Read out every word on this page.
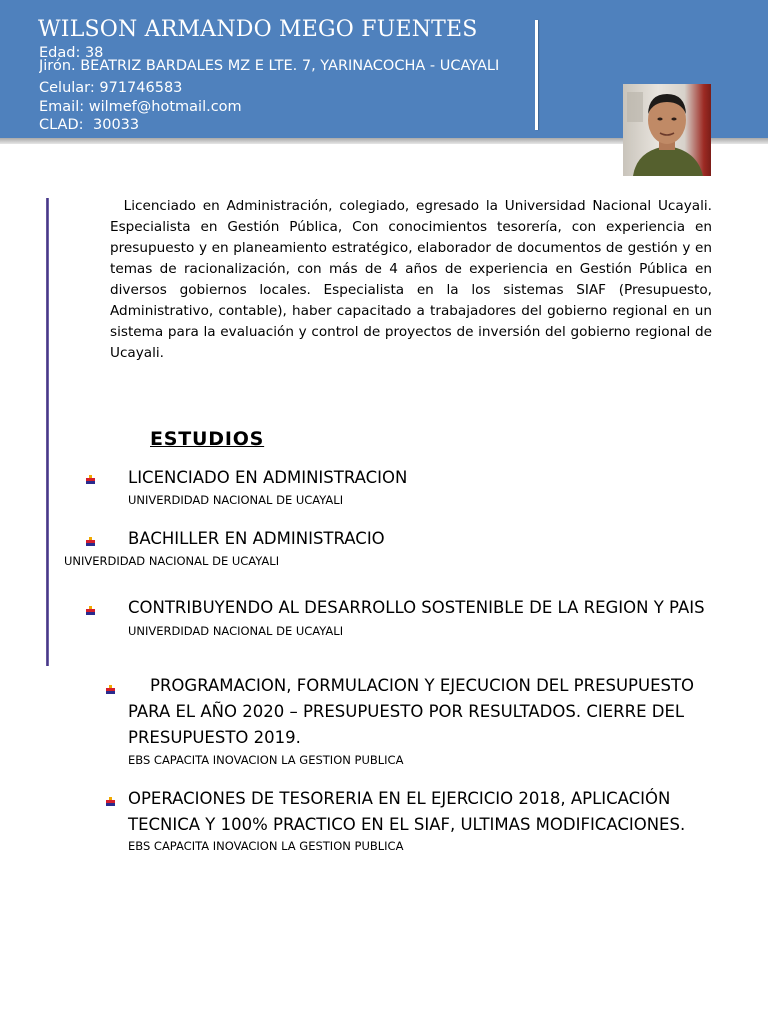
WILSON ARMANDO MEGO FUENTES
Edad: 38
Jirón. BEATRIZ BARDALES MZ E LTE. 7, YARINACOCHA - UCAYALI
Celular: 971746583
Email: wilmef@hotmail.com
CLAD: 30033
Licenciado en Administración, colegiado, egresado la Universidad Nacional Ucayali. Especialista en Gestión Pública, Con conocimientos tesorería, con experiencia en presupuesto y en planeamiento estratégico, elaborador de documentos de gestión y en temas de racionalización, con más de 4 años de experiencia en Gestión Pública en diversos gobiernos locales. Especialista en la los sistemas SIAF (Presupuesto, Administrativo, contable), haber capacitado a trabajadores del gobierno regional en un sistema para la evaluación y control de proyectos de inversión del gobierno regional de Ucayali.
ESTUDIOS
LICENCIADO EN ADMINISTRACION
UNIVERDIDAD NACIONAL DE UCAYALI
BACHILLER EN ADMINISTRACIO
UNIVERDIDAD NACIONAL DE UCAYALI
CONTRIBUYENDO AL DESARROLLO SOSTENIBLE DE LA REGION Y PAIS
UNIVERDIDAD NACIONAL DE UCAYALI
PROGRAMACION, FORMULACION Y EJECUCION DEL PRESUPUESTO PARA EL AÑO 2020 – PRESUPUESTO POR RESULTADOS. CIERRE DEL PRESUPUESTO 2019.
EBS CAPACITA INOVACION LA GESTION PUBLICA
OPERACIONES DE TESORERIA EN EL EJERCICIO 2018, APLICACIÓN TECNICA Y 100% PRACTICO EN EL SIAF, ULTIMAS MODIFICACIONES.
EBS CAPACITA INOVACION LA GESTION PUBLICA
